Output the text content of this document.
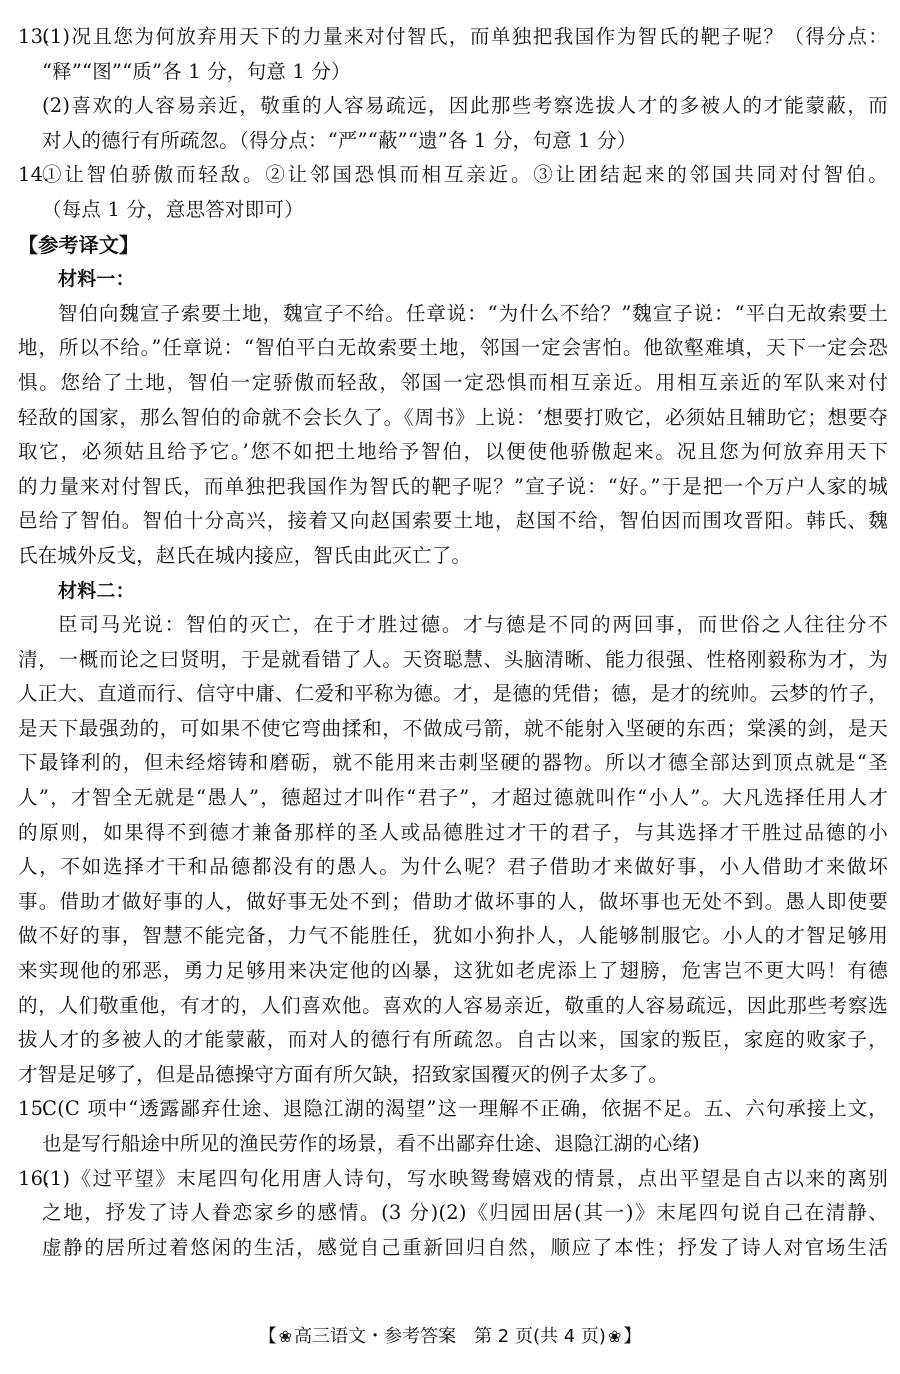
13.
(1)况且您为何放弃用天下的力量来对付智氏，而单独把我国作为智氏的靶子呢？（得分点：
“释”“图”“质”各 1 分，句意 1 分）
(2)喜欢的人容易亲近，敬重的人容易疏远，因此那些考察选拔人才的多被人的才能蒙蔽，而
对人的德行有所疏忽。（得分点：“严”“蔽”“遗”各 1 分，句意 1 分）
14.
①让智伯骄傲而轻敌。②让邻国恐惧而相互亲近。③让团结起来的邻国共同对付智伯。
（每点 1 分，意思答对即可）
【参考译文】
材料一：
智伯向魏宣子索要土地，魏宣子不给。任章说：“为什么不给？”魏宣子说：“平白无故索要土
地，所以不给。”任章说：“智伯平白无故索要土地，邻国一定会害怕。他欲壑难填，天下一定会恐
惧。您给了土地，智伯一定骄傲而轻敌，邻国一定恐惧而相互亲近。用相互亲近的军队来对付
轻敌的国家，那么智伯的命就不会长久了。《周书》上说：‘想要打败它，必须姑且辅助它；想要夺
取它，必须姑且给予它。’您不如把土地给予智伯，以便使他骄傲起来。况且您为何放弃用天下
的力量来对付智氏，而单独把我国作为智氏的靶子呢？”宣子说：“好。”于是把一个万户人家的城
邑给了智伯。智伯十分高兴，接着又向赵国索要土地，赵国不给，智伯因而围攻晋阳。韩氏、魏
氏在城外反戈，赵氏在城内接应，智氏由此灭亡了。
材料二：
臣司马光说：智伯的灭亡，在于才胜过德。才与德是不同的两回事，而世俗之人往往分不
清，一概而论之曰贤明，于是就看错了人。天资聪慧、头脑清晰、能力很强、性格刚毅称为才，为
人正大、直道而行、信守中庸、仁爱和平称为德。才，是德的凭借；德，是才的统帅。云梦的竹子，
是天下最强劲的，可如果不使它弯曲揉和，不做成弓箭，就不能射入坚硬的东西；棠溪的剑，是天
下最锋利的，但未经熔铸和磨砺，就不能用来击刺坚硬的器物。所以才德全部达到顶点就是“圣
人”，才智全无就是“愚人”，德超过才叫作“君子”，才超过德就叫作“小人”。大凡选择任用人才
的原则，如果得不到德才兼备那样的圣人或品德胜过才干的君子，与其选择才干胜过品德的小
人，不如选择才干和品德都没有的愚人。为什么呢？君子借助才来做好事，小人借助才来做坏
事。借助才做好事的人，做好事无处不到；借助才做坏事的人，做坏事也无处不到。愚人即使要
做不好的事，智慧不能完备，力气不能胜任，犹如小狗扑人，人能够制服它。小人的才智足够用
来实现他的邪恶，勇力足够用来决定他的凶暴，这犹如老虎添上了翅膀，危害岂不更大吗！有德
的，人们敬重他，有才的，人们喜欢他。喜欢的人容易亲近，敬重的人容易疏远，因此那些考察选
拔人才的多被人的才能蒙蔽，而对人的德行有所疏忽。自古以来，国家的叛臣，家庭的败家子，
才智是足够了，但是品德操守方面有所欠缺，招致家国覆灭的例子太多了。
15.
C(C 项中“透露鄙弃仕途、退隐江湖的渴望”这一理解不正确，依据不足。五、六句承接上文，
也是写行船途中所见的渔民劳作的场景，看不出鄙弃仕途、退隐江湖的心绪)
16.
(1)《过平望》末尾四句化用唐人诗句，写水映鸳鸯嬉戏的情景，点出平望是自古以来的离别
之地，抒发了诗人眷恋家乡的感情。(3 分)(2)《归园田居(其一)》末尾四句说自己在清静、
虚静的居所过着悠闲的生活，感觉自己重新回归自然，顺应了本性；抒发了诗人对官场生活
【 ❀ 高三语文・参考答案　第 2 页(共 4 页) ❀ 】
